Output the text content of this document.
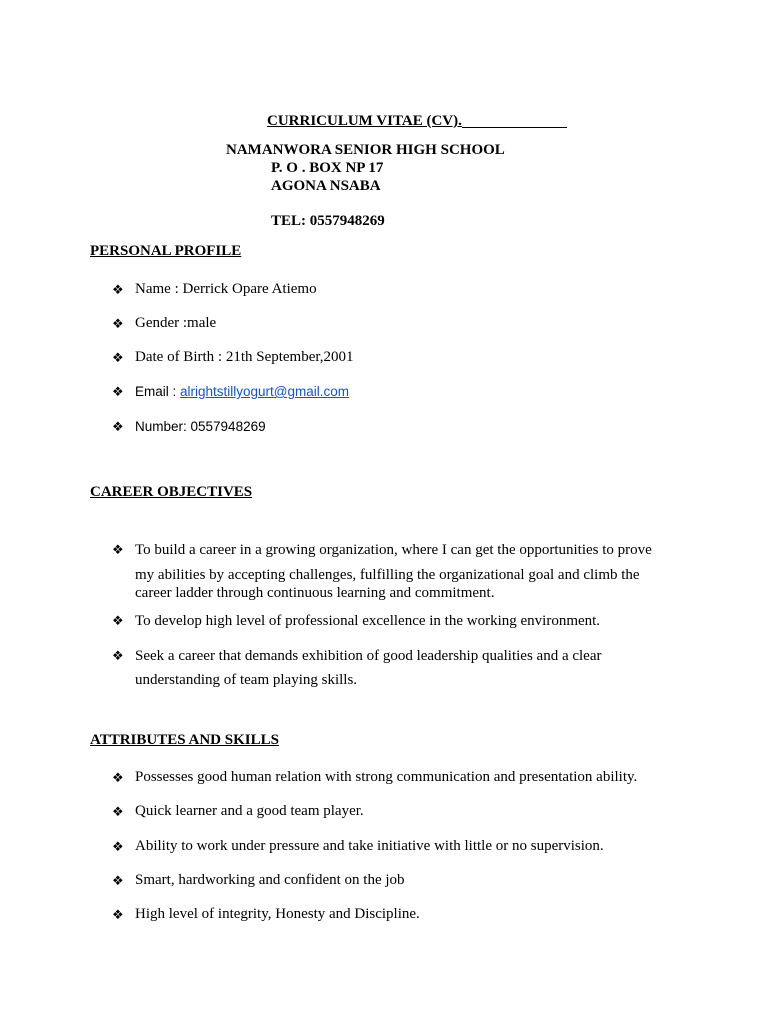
CURRICULUM VITAE (CV).
NAMANWORA SENIOR HIGH SCHOOL
P. O . BOX NP 17
AGONA NSABA
TEL: 0557948269
PERSONAL PROFILE
❖ Name : Derrick Opare Atiemo
❖ Gender :male
❖ Date of Birth : 21th September,2001
❖ Email : alrightstillyogurt@gmail.com
❖ Number: 0557948269
CAREER OBJECTIVES
❖ To build a career in a growing organization, where I can get the opportunities to prove
my abilities by accepting challenges, fulfilling the organizational goal and climb the
career ladder through continuous learning and commitment.
❖ To develop high level of professional excellence in the working environment.
❖ Seek a career that demands exhibition of good leadership qualities and a clear
understanding of team playing skills.
ATTRIBUTES AND SKILLS
❖ Possesses good human relation with strong communication and presentation ability.
❖ Quick learner and a good team player.
❖ Ability to work under pressure and take initiative with little or no supervision.
❖ Smart, hardworking and confident on the job
❖ High level of integrity, Honesty and Discipline.
